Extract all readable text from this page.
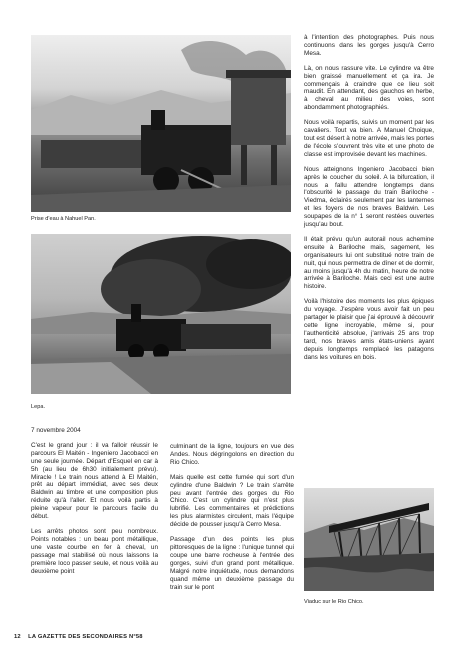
Prise d'eau à Nahuel Pan.
Lepa.
7 novembre 2004

C'est le grand jour : il va falloir réussir le parcours El Maitén - Ingeniero Jacobacci en une seule journée. Départ d'Esquel en car à 5h (au lieu de 6h30 initialement prévu). Miracle ! Le train nous attend à El Maitén, prêt au départ immédiat, avec ses deux Baldwin au timbre et une composition plus réduite qu'à l'aller. Et nous voilà partis à pleine vapeur pour le parcours facile du début.

Les arrêts photos sont peu nombreux. Points notables : un beau pont métallique, une vaste courbe en fer à cheval, un passage mal stabilisé où nous laissons la première loco passer seule, et nous voilà au deuxième point

culminant de la ligne, toujours en vue des Andes. Nous dégringolons en direction du Rio Chico.

Mais quelle est cette fumée qui sort d'un cylindre d'une Baldwin ? Le train s'arrête peu avant l'entrée des gorges du Rio Chico. C'est un cylindre qui n'est plus lubrifié. Les commentaires et prédictions les plus alarmistes circulent, mais l'équipe décide de pousser jusqu'à Cerro Mesa.

Passage d'un des points les plus pittoresques de la ligne : l'unique tunnel qui coupe une barre rocheuse à l'entrée des gorges, suivi d'un grand pont métallique. Malgré notre inquiétude, nous demandons quand même un deuxième passage du train sur le pont

à l'intention des photographes. Puis nous continuons dans les gorges jusqu'à Cerro Mesa.

Là, on nous rassure vite. Le cylindre va être bien graissé manuellement et ça ira. Je commençais à craindre que ce lieu soit maudit. En attendant, des gauchos en herbe, à cheval au milieu des voies, sont abondamment photographiés.

Nous voilà repartis, suivis un moment par les cavaliers. Tout va bien. A Manuel Choique, tout est désert à notre arrivée, mais les portes de l'école s'ouvrent très vite et une photo de classe est improvisée devant les machines.

Nous atteignons Ingeniero Jacobacci bien après le coucher du soleil. A la bifurcation, il nous a fallu attendre longtemps dans l'obscurité le passage du train Bariloche - Viedma, éclairés seulement par les lanternes et les foyers de nos braves Baldwin. Les soupapes de la n° 1 seront restées ouvertes jusqu'au bout.

Il était prévu qu'un autorail nous achemine ensuite à Bariloche mais, sagement, les organisateurs lui ont substitué notre train de nuit, qui nous permettra de dîner et de dormir, au moins jusqu'à 4h du matin, heure de notre arrivée à Bariloche. Mais ceci est une autre histoire.

Voilà l'histoire des moments les plus épiques du voyage. J'espère vous avoir fait un peu partager le plaisir que j'ai éprouvé à découvrir cette ligne incroyable, même si, pour l'authenticité absolue, j'arrivais 25 ans trop tard, nos braves amis états-uniens ayant depuis longtemps remplacé les patagons dans les voitures en bois.

Viaduc sur le Rio Chico.
12 LA GAZETTE DES SECONDAIRES N°58
